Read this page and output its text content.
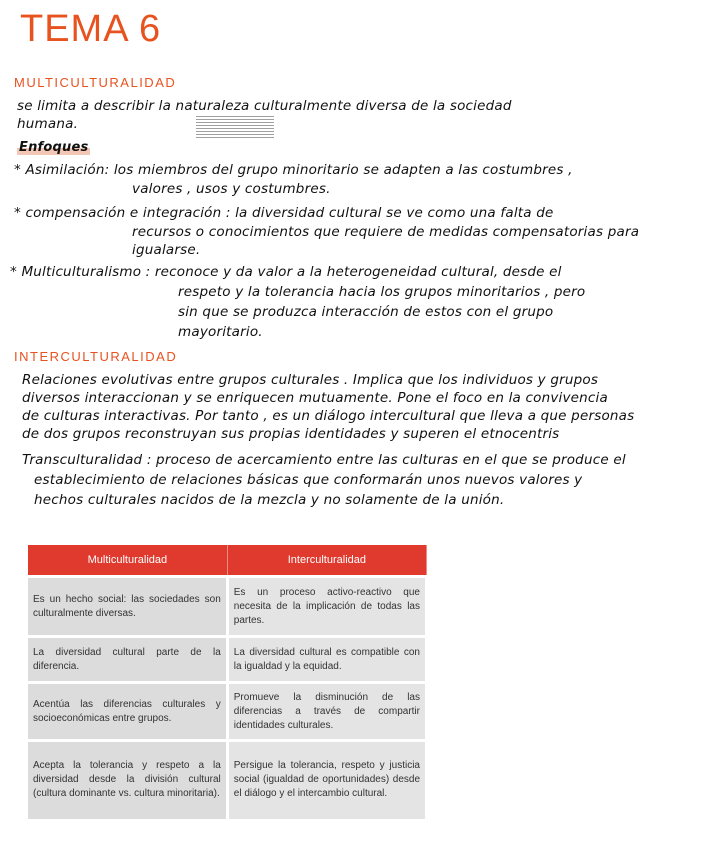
TEMA 6
MULTICULTURALIDAD
se limita a describir la naturaleza culturalmente diversa de la sociedad
humana.
Enfoques
* Asimilación: los miembros del grupo minoritario se adapten a las costumbres ,
valores , usos y costumbres.
* compensación e integración : la diversidad cultural se ve como una falta de
recursos o conocimientos que requiere de medidas compensatorias para
igualarse.
* Multiculturalismo : reconoce y da valor a la heterogeneidad cultural, desde el
respeto y la tolerancia hacia los grupos minoritarios , pero
sin que se produzca interacción de estos con el grupo
mayoritario.
INTERCULTURALIDAD
Relaciones evolutivas entre grupos culturales . Implica que los individuos y grupos
diversos interaccionan y se enriquecen mutuamente. Pone el foco en la convivencia
de culturas interactivas. Por tanto , es un diálogo intercultural que lleva a que personas
de dos grupos reconstruyan sus propias identidades y superen el etnocentris
Transculturalidad : proceso de acercamiento entre las culturas en el que se produce el
establecimiento de relaciones básicas que conformarán unos nuevos valores y
hechos culturales nacidos de la mezcla y no solamente de la unión.
Multiculturalidad	Interculturalidad
Es un hecho social: las sociedades son culturalmente diversas.	Es un proceso activo-reactivo que necesita de la implicación de todas las partes.
La diversidad cultural parte de la diferencia.	La diversidad cultural es compatible con la igualdad y la equidad.
Acentúa las diferencias culturales y socioeconómicas entre grupos.	Promueve la disminución de las diferencias a través de compartir identidades culturales.
Acepta la tolerancia y respeto a la diversidad desde la división cultural (cultura dominante vs. cultura minoritaria).	Persigue la tolerancia, respeto y justicia social (igualdad de oportunidades) desde el diálogo y el intercambio cultural.
